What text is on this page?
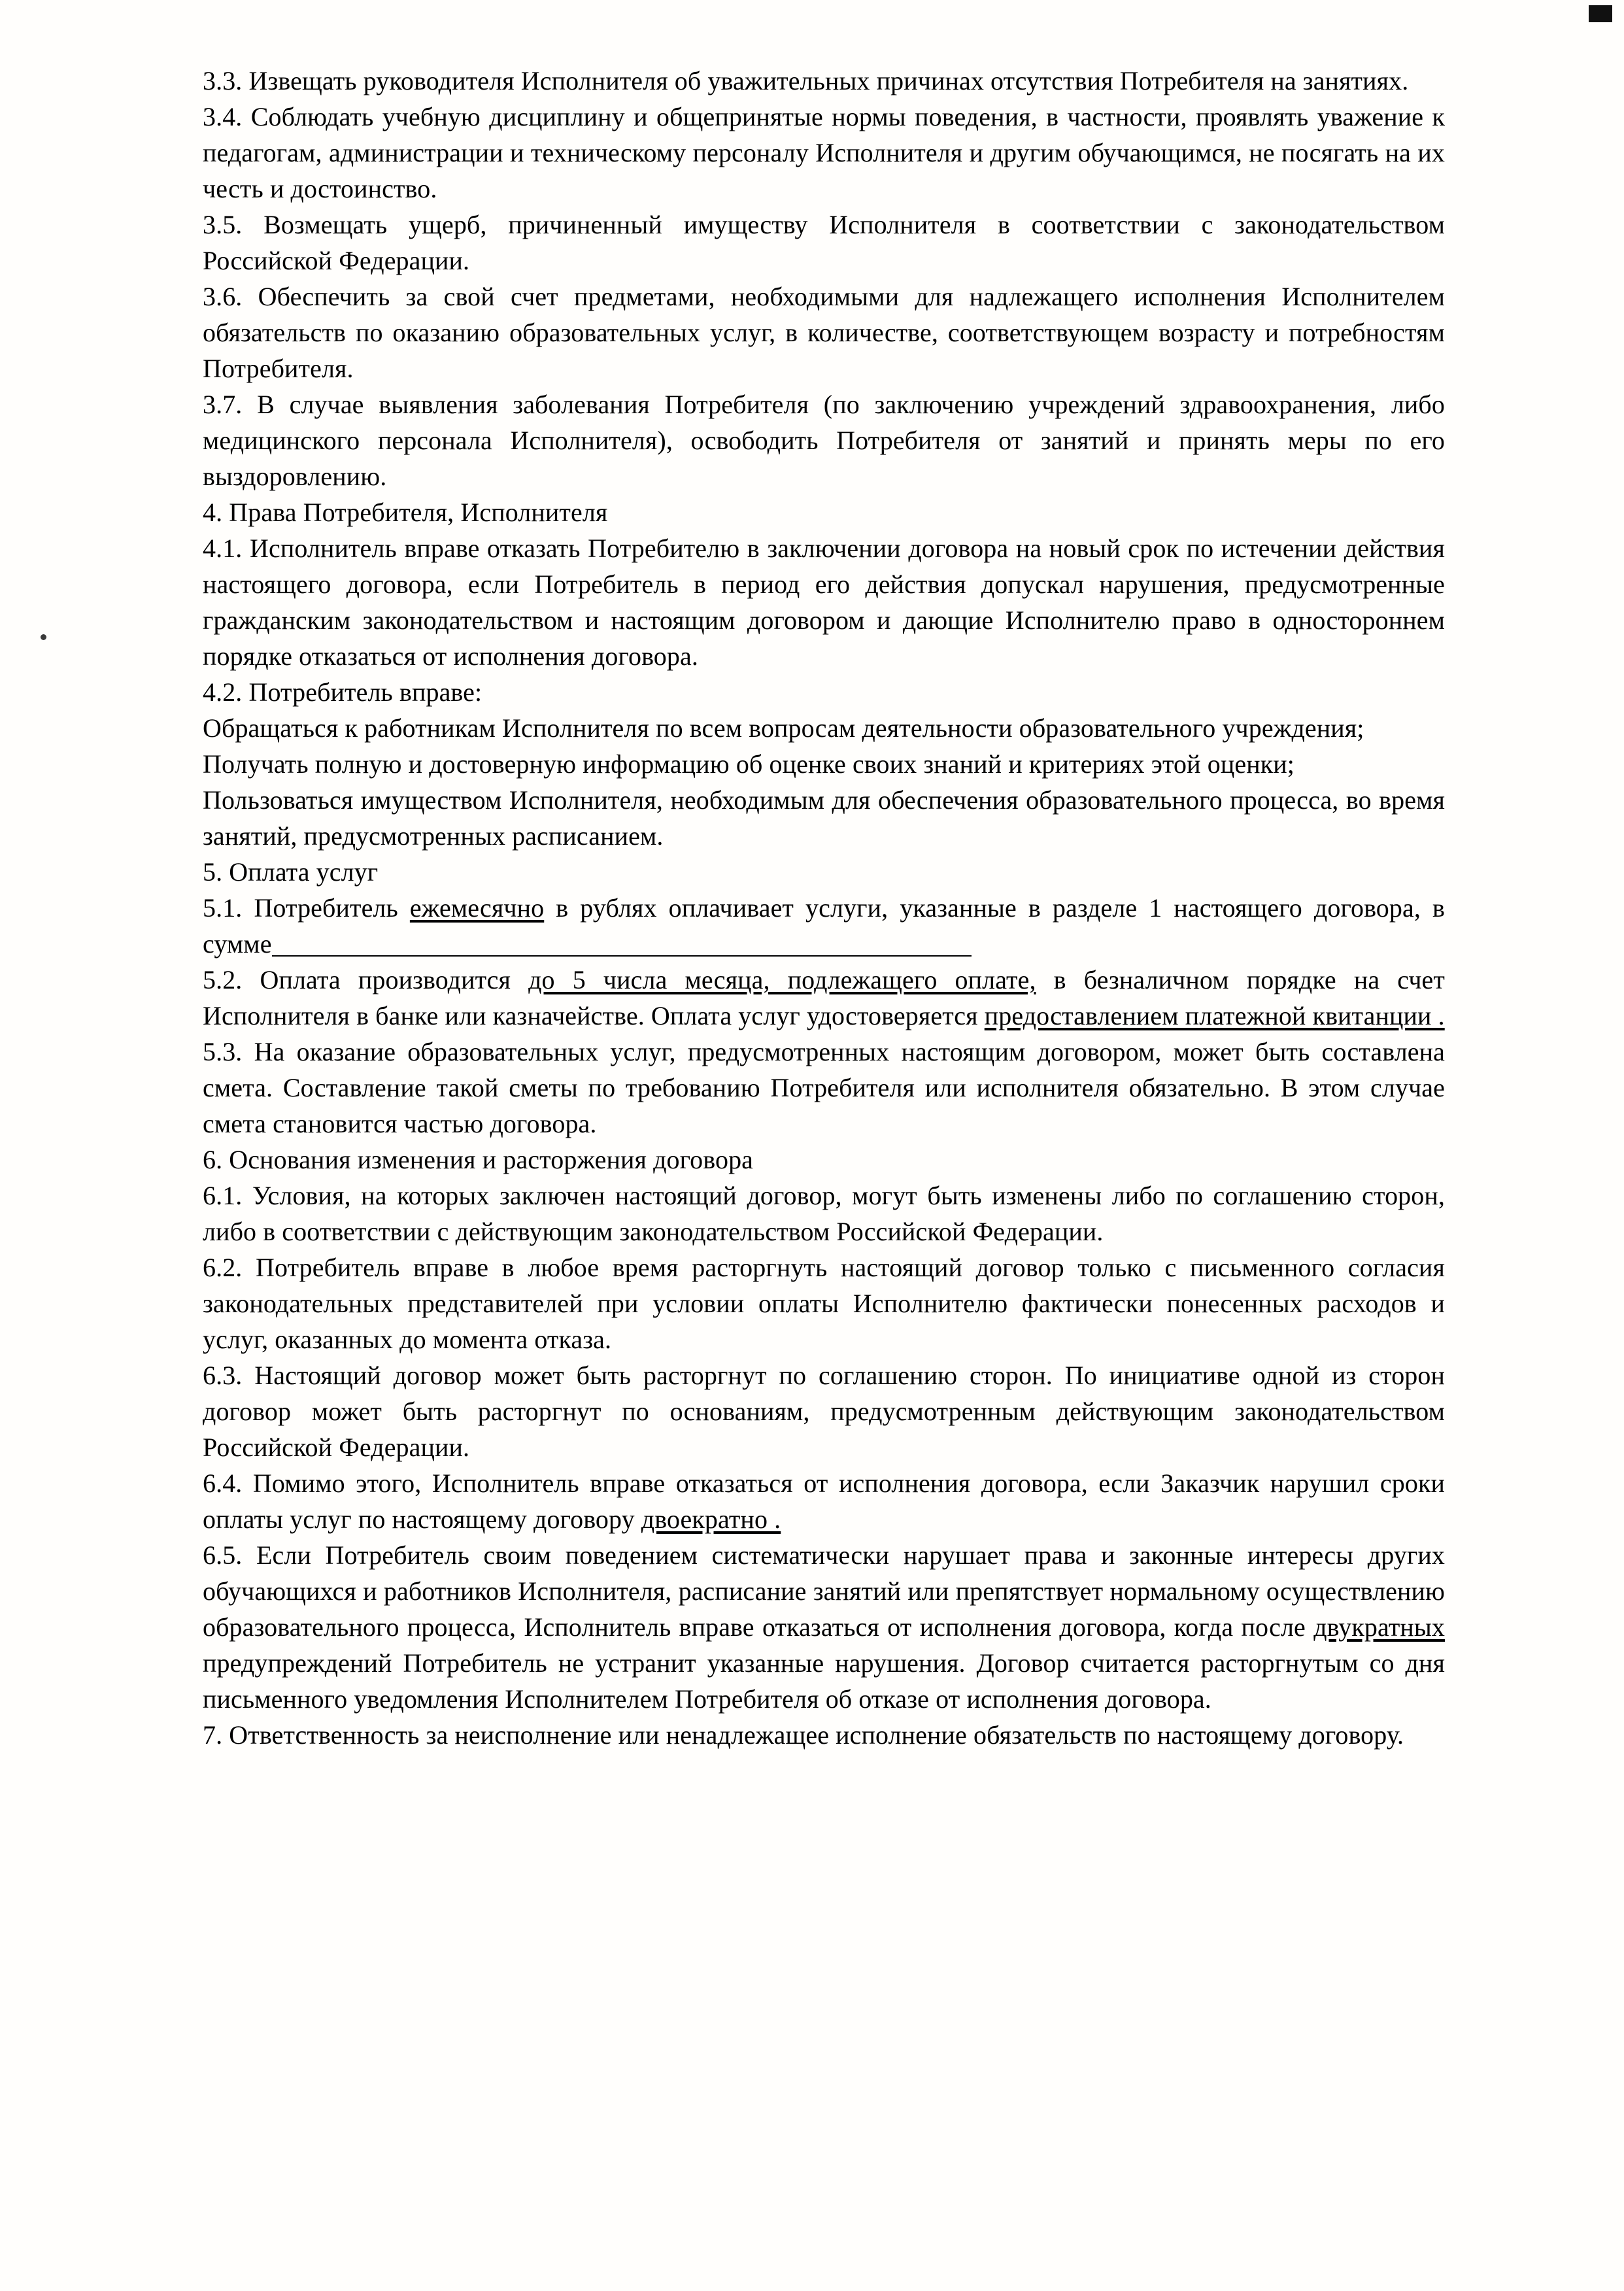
3.3. Извещать руководителя Исполнителя об уважительных причинах отсутствия Потребителя на занятиях.

3.4. Соблюдать учебную дисциплину и общепринятые нормы поведения, в частности, проявлять уважение к педагогам, администрации и техническому персоналу Исполнителя и другим обучающимся, не посягать на их честь и достоинство.

3.5. Возмещать ущерб, причиненный имуществу Исполнителя в соответствии с законодательством Российской Федерации.

3.6. Обеспечить за свой счет предметами, необходимыми для надлежащего исполнения Исполнителем обязательств по оказанию образовательных услуг, в количестве, соответствующем возрасту и потребностям Потребителя.

3.7. В случае выявления заболевания Потребителя (по заключению учреждений здравоохранения, либо медицинского персонала Исполнителя), освободить Потребителя от занятий и принять меры по его выздоровлению.

4. Права Потребителя, Исполнителя

4.1. Исполнитель вправе отказать Потребителю в заключении договора на новый срок по истечении действия настоящего договора, если Потребитель в период его действия допускал нарушения, предусмотренные гражданским законодательством и настоящим договором и дающие Исполнителю право в одностороннем порядке отказаться от исполнения договора.

4.2. Потребитель вправе:

Обращаться к работникам Исполнителя по всем вопросам деятельности образовательного учреждения;

Получать полную и достоверную информацию об оценке своих знаний и критериях этой оценки;

Пользоваться имуществом Исполнителя, необходимым для обеспечения образовательного процесса, во время занятий, предусмотренных расписанием.

5. Оплата услуг

5.1. Потребитель ежемесячно в рублях оплачивает услуги, указанные в разделе 1 настоящего договора, в сумме

5.2. Оплата производится до 5 числа месяца, подлежащего оплате, в безналичном порядке на счет Исполнителя в банке или казначействе. Оплата услуг удостоверяется предоставлением платежной квитанции .

5.3. На оказание образовательных услуг, предусмотренных настоящим договором, может быть составлена смета. Составление такой сметы по требованию Потребителя или исполнителя обязательно. В этом случае смета становится частью договора.

6. Основания изменения и расторжения договора

6.1. Условия, на которых заключен настоящий договор, могут быть изменены либо по соглашению сторон, либо в соответствии с действующим законодательством Российской Федерации.

6.2. Потребитель вправе в любое время расторгнуть настоящий договор только с письменного согласия законодательных представителей при условии оплаты Исполнителю фактически понесенных расходов и услуг, оказанных до момента отказа.

6.3. Настоящий договор может быть расторгнут по соглашению сторон. По инициативе одной из сторон договор может быть расторгнут по основаниям, предусмотренным действующим законодательством Российской Федерации.

6.4. Помимо этого, Исполнитель вправе отказаться от исполнения договора, если Заказчик нарушил сроки оплаты услуг по настоящему договору двоекратно .

6.5. Если Потребитель своим поведением систематически нарушает права и законные интересы других обучающихся и работников Исполнителя, расписание занятий или препятствует нормальному осуществлению образовательного процесса, Исполнитель вправе отказаться от исполнения договора, когда после двукратных предупреждений Потребитель не устранит указанные нарушения. Договор считается расторгнутым со дня письменного уведомления Исполнителем Потребителя об отказе от исполнения договора.

7. Ответственность за неисполнение или ненадлежащее исполнение обязательств по настоящему договору.
